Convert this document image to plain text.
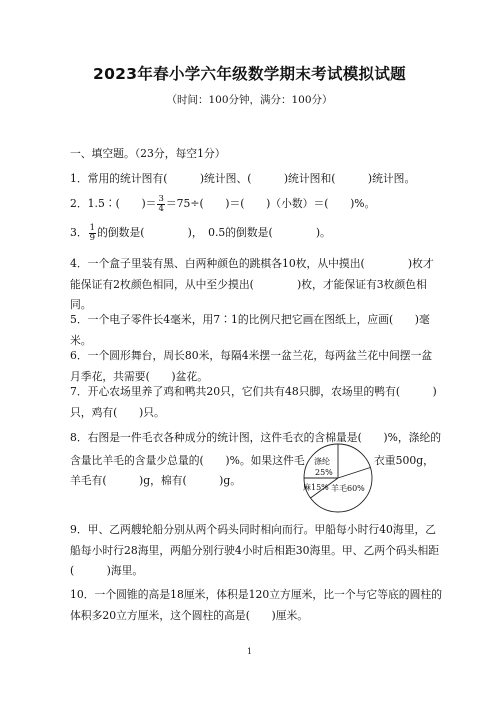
2023年春小学六年级数学期末考试模拟试题
（时间：100分钟，满分：100分）
一、填空题。（23分，每空1分）
1．常用的统计图有(　　　)统计图、(　　　)统计图和(　　　)统计图。
2．1.5∶(　　)＝ $\frac{3}{4} =75\div$(　　)＝(　　)（小数）＝(　　)%。
3． $\frac{1}{9}$ 的倒数是(　　　　)，　0.5的倒数是(　　　　)。
4．一个盒子里装有黑、白两种颜色的跳棋各10枚，从中摸出(　　　　)枚才能保证有2枚颜色相同，从中至少摸出(　　　　)枚，才能保证有3枚颜色相同。
5．一个电子零件长4毫米，用7∶1的比例尺把它画在图纸上，应画(　　)毫米。
6．一个圆形舞台，周长80米，每隔4米摆一盆兰花，每两盆兰花中间摆一盆月季花，共需要(　　)盆花。
7．开心农场里养了鸡和鸭共20只，它们共有48只脚，农场里的鸭有(　　　)只，鸡有(　　)只。
8．右图是一件毛衣各种成分的统计图，这件毛衣的含棉量是(　　)%，涤纶的
含量比羊毛的含量少总量的(　　)%。如果这件毛	衣重500g，
羊毛有(　　　)g，棉有(　　　)g。
涤纶
25%
麻15% 羊毛60%
9．甲、乙两艘轮船分别从两个码头同时相向而行。甲船每小时行40海里，乙船每小时行28海里，两船分别行驶4小时后相距30海里。甲、乙两个码头相距(　　　)海里。
10．一个圆锥的高是18厘米，体积是120立方厘米，比一个与它等底的圆柱的体积多20立方厘米，这个圆柱的高是(　　)厘米。
1
